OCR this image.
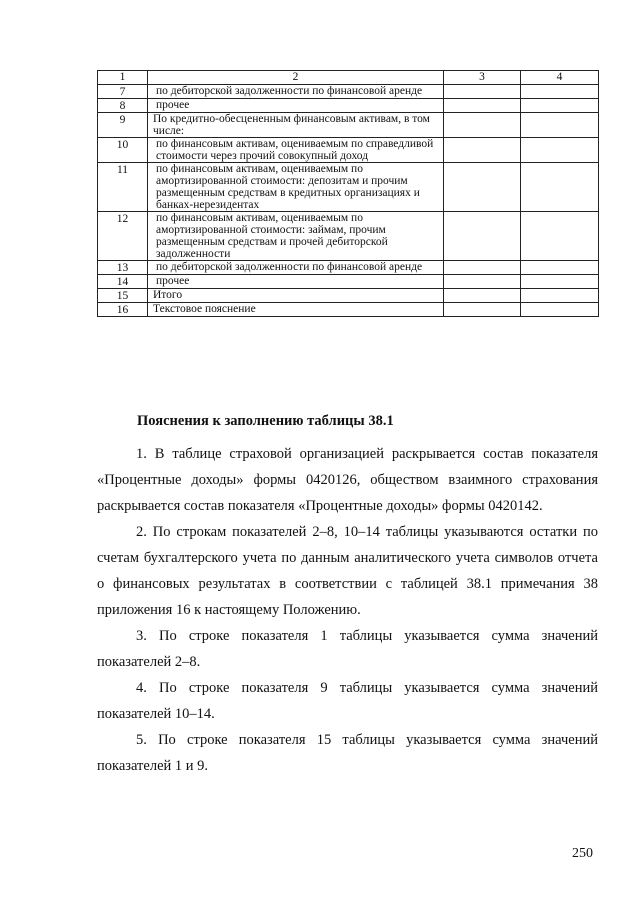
1	2	3	4
7	по дебиторской задолженности по финансовой аренде		
8	прочее		
9	По кредитно-обесцененным финансовым активам, в том числе:		
10	по финансовым активам, оцениваемым по справедливой стоимости через прочий совокупный доход		
11	по финансовым активам, оцениваемым по амортизированной стоимости: депозитам и прочим размещенным средствам в кредитных организациях и банках-нерезидентах		
12	по финансовым активам, оцениваемым по амортизированной стоимости: займам, прочим размещенным средствам и прочей дебиторской задолженности		
13	по дебиторской задолженности по финансовой аренде		
14	прочее		
15	Итого		
16	Текстовое пояснение		
Пояснения к заполнению таблицы 38.1

1. В таблице страховой организацией раскрывается состав показателя «Процентные доходы» формы 0420126, обществом взаимного страхования раскрывается состав показателя «Процентные доходы» формы 0420142.

2. По строкам показателей 2–8, 10–14 таблицы указываются остатки по счетам бухгалтерского учета по данным аналитического учета символов отчета о финансовых результатах в соответствии с таблицей 38.1 примечания 38 приложения 16 к настоящему Положению.

3. По строке показателя 1 таблицы указывается сумма значений показателей 2–8.

4. По строке показателя 9 таблицы указывается сумма значений показателей 10–14.

5. По строке показателя 15 таблицы указывается сумма значений показателей 1 и 9.

250
